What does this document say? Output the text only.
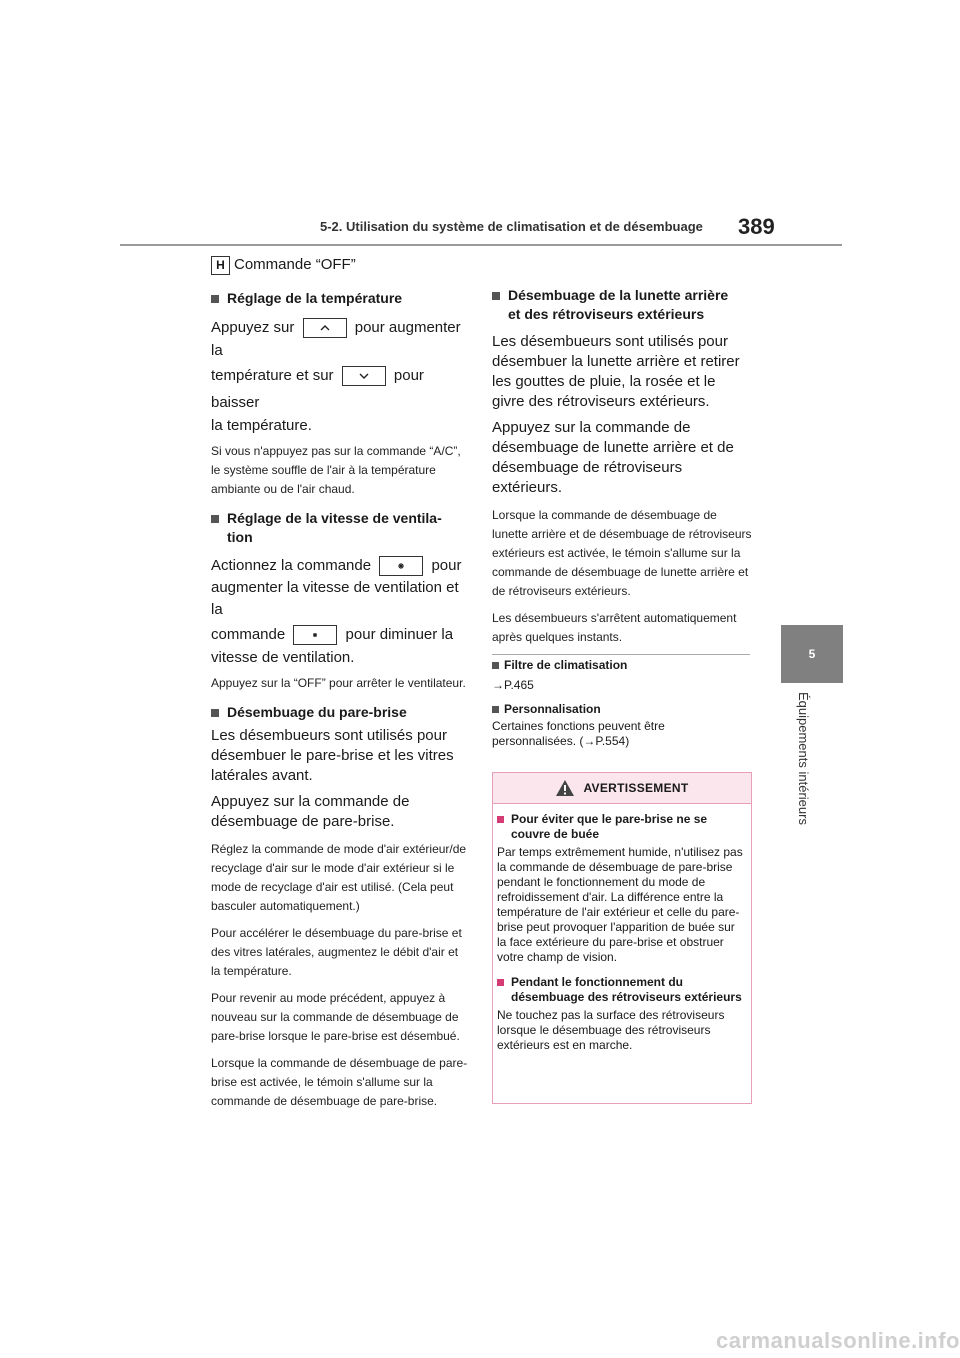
5-2. Utilisation du système de climatisation et de désembuage 389
5
Équipements intérieurs

H Commande “OFF”

Réglage de la température

Appuyez sur	pour augmenter la

température et sur	pour baisser

la température.

Si vous n'appuyez pas sur la commande “A/C”, le système souffle de l'air à la température ambiante ou de l'air chaud.

Réglage de la vitesse de ventila-
tion

Actionnez la commande	pour

augmenter la vitesse de ventilation et la

commande	pour diminuer la

vitesse de ventilation.

Appuyez sur la “OFF” pour arrêter le ventilateur.

Désembuage du pare-brise

Les désembueurs sont utilisés pour désembuer le pare-brise et les vitres latérales avant.

Appuyez sur la commande de désembuage de pare-brise.

Réglez la commande de mode d'air extérieur/de recyclage d'air sur le mode d'air extérieur si le mode de recyclage d'air est utilisé. (Cela peut basculer automatiquement.)

Pour accélérer le désembuage du pare-brise et des vitres latérales, augmentez le débit d'air et la température.

Pour revenir au mode précédent, appuyez à nouveau sur la commande de désembuage de pare-brise lorsque le pare-brise est désembué.

Lorsque la commande de désembuage de pare-brise est activée, le témoin s'allume sur la commande de désembuage de pare-brise.

Désembuage de la lunette arrière
et des rétroviseurs extérieurs

Les désembueurs sont utilisés pour désembuer la lunette arrière et retirer les gouttes de pluie, la rosée et le givre des rétroviseurs extérieurs.

Appuyez sur la commande de désembuage de lunette arrière et de désembuage de rétroviseurs extérieurs.

Lorsque la commande de désembuage de lunette arrière et de désembuage de rétroviseurs extérieurs est activée, le témoin s'allume sur la commande de désembuage de lunette arrière et de rétroviseurs extérieurs.

Les désembueurs s'arrêtent automatiquement après quelques instants.

Filtre de climatisation

→P.465

Personnalisation

Certaines fonctions peuvent être personnalisées. (→P.554)

AVERTISSEMENT

Pour éviter que le pare-brise ne se couvre de buée

Par temps extrêmement humide, n'utilisez pas la commande de désembuage de pare-brise pendant le fonctionnement du mode de refroidissement d'air. La différence entre la température de l'air extérieur et celle du pare-brise peut provoquer l'apparition de buée sur la face extérieure du pare-brise et obstruer votre champ de vision.

Pendant le fonctionnement du désembuage des rétroviseurs extérieurs

Ne touchez pas la surface des rétroviseurs lorsque le désembuage des rétroviseurs extérieurs est en marche.

carmanualsonline.info
